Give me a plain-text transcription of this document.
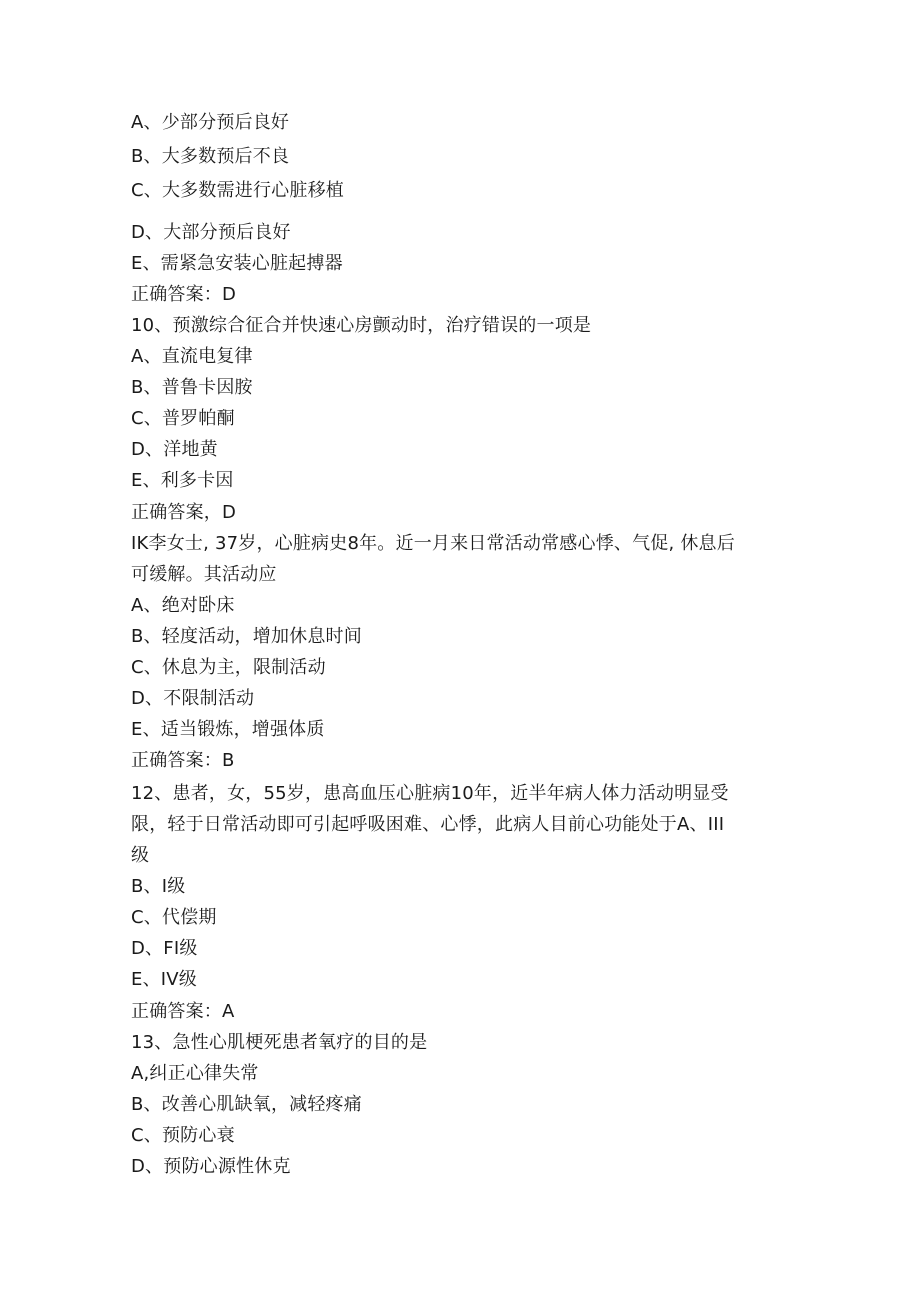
A、少部分预后良好
B、大多数预后不良
C、大多数需进行心脏移植
D、大部分预后良好
E、需紧急安装心脏起搏器
正确答案：D
10、预激综合征合并快速心房颤动时，治疗错误的一项是
A、直流电复律
B、普鲁卡因胺
C、普罗帕酮
D、洋地黄
E、利多卡因
正确答案，D
IK李女士, 37岁，心脏病史8年。近一月来日常活动常感心悸、气促, 休息后
可缓解。其活动应
A、绝对卧床
B、轻度活动，增加休息时间
C、休息为主，限制活动
D、不限制活动
E、适当锻炼，增强体质
正确答案：B
12、患者，女，55岁，患高血压心脏病10年，近半年病人体力活动明显受
限，轻于日常活动即可引起呼吸困难、心悸，此病人目前心功能处于A、III
级
B、I级
C、代偿期
D、FI级
E、IV级
正确答案：A
13、急性心肌梗死患者氧疗的目的是
A,纠正心律失常
B、改善心肌缺氧，减轻疼痛
C、预防心衰
D、预防心源性休克
